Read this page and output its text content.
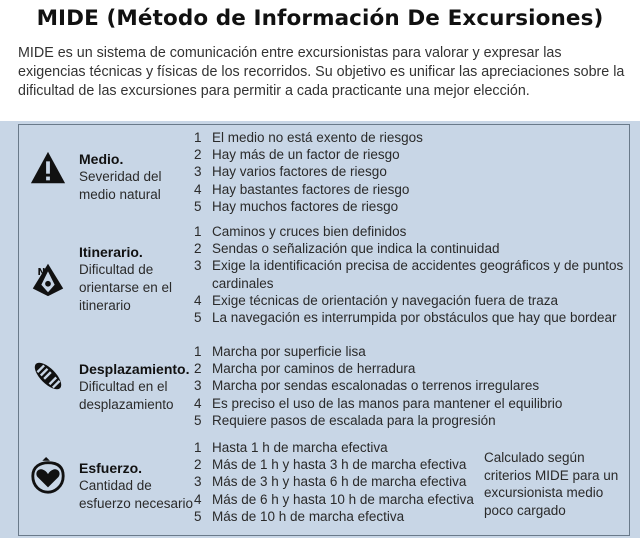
MIDE (Método de Información De Excursiones)
MIDE es un sistema de comunicación entre excursionistas para valorar y expresar las exigencias técnicas y físicas de los recorridos. Su objetivo es unificar las apreciaciones sobre la dificultad de las excursiones para permitir a cada practicante una mejor elección.
Medio.
Severidad del medio natural
1 El medio no está exento de riesgos
2 Hay más de un factor de riesgo
3 Hay varios factores de riesgo
4 Hay bastantes factores de riesgo
5 Hay muchos factores de riesgo
N
Itinerario.
Dificultad de orientarse en el itinerario
1 Caminos y cruces bien definidos
2 Sendas o señalización que indica la continuidad
3 Exige la identificación precisa de accidentes geográficos y de puntos cardinales
4 Exige técnicas de orientación y navegación fuera de traza
5 La navegación es interrumpida por obstáculos que hay que bordear
Desplazamiento.
Dificultad en el desplazamiento
1 Marcha por superficie lisa
2 Marcha por caminos de herradura
3 Marcha por sendas escalonadas o terrenos irregulares
4 Es preciso el uso de las manos para mantener el equilibrio
5 Requiere pasos de escalada para la progresión
Esfuerzo.
Cantidad de esfuerzo necesario
1 Hasta 1 h de marcha efectiva
2 Más de 1 h y hasta 3 h de marcha efectiva
3 Más de 3 h y hasta 6 h de marcha efectiva
4 Más de 6 h y hasta 10 h de marcha efectiva
5 Más de 10 h de marcha efectiva
Calculado según criterios MIDE para un excursionista medio poco cargado
